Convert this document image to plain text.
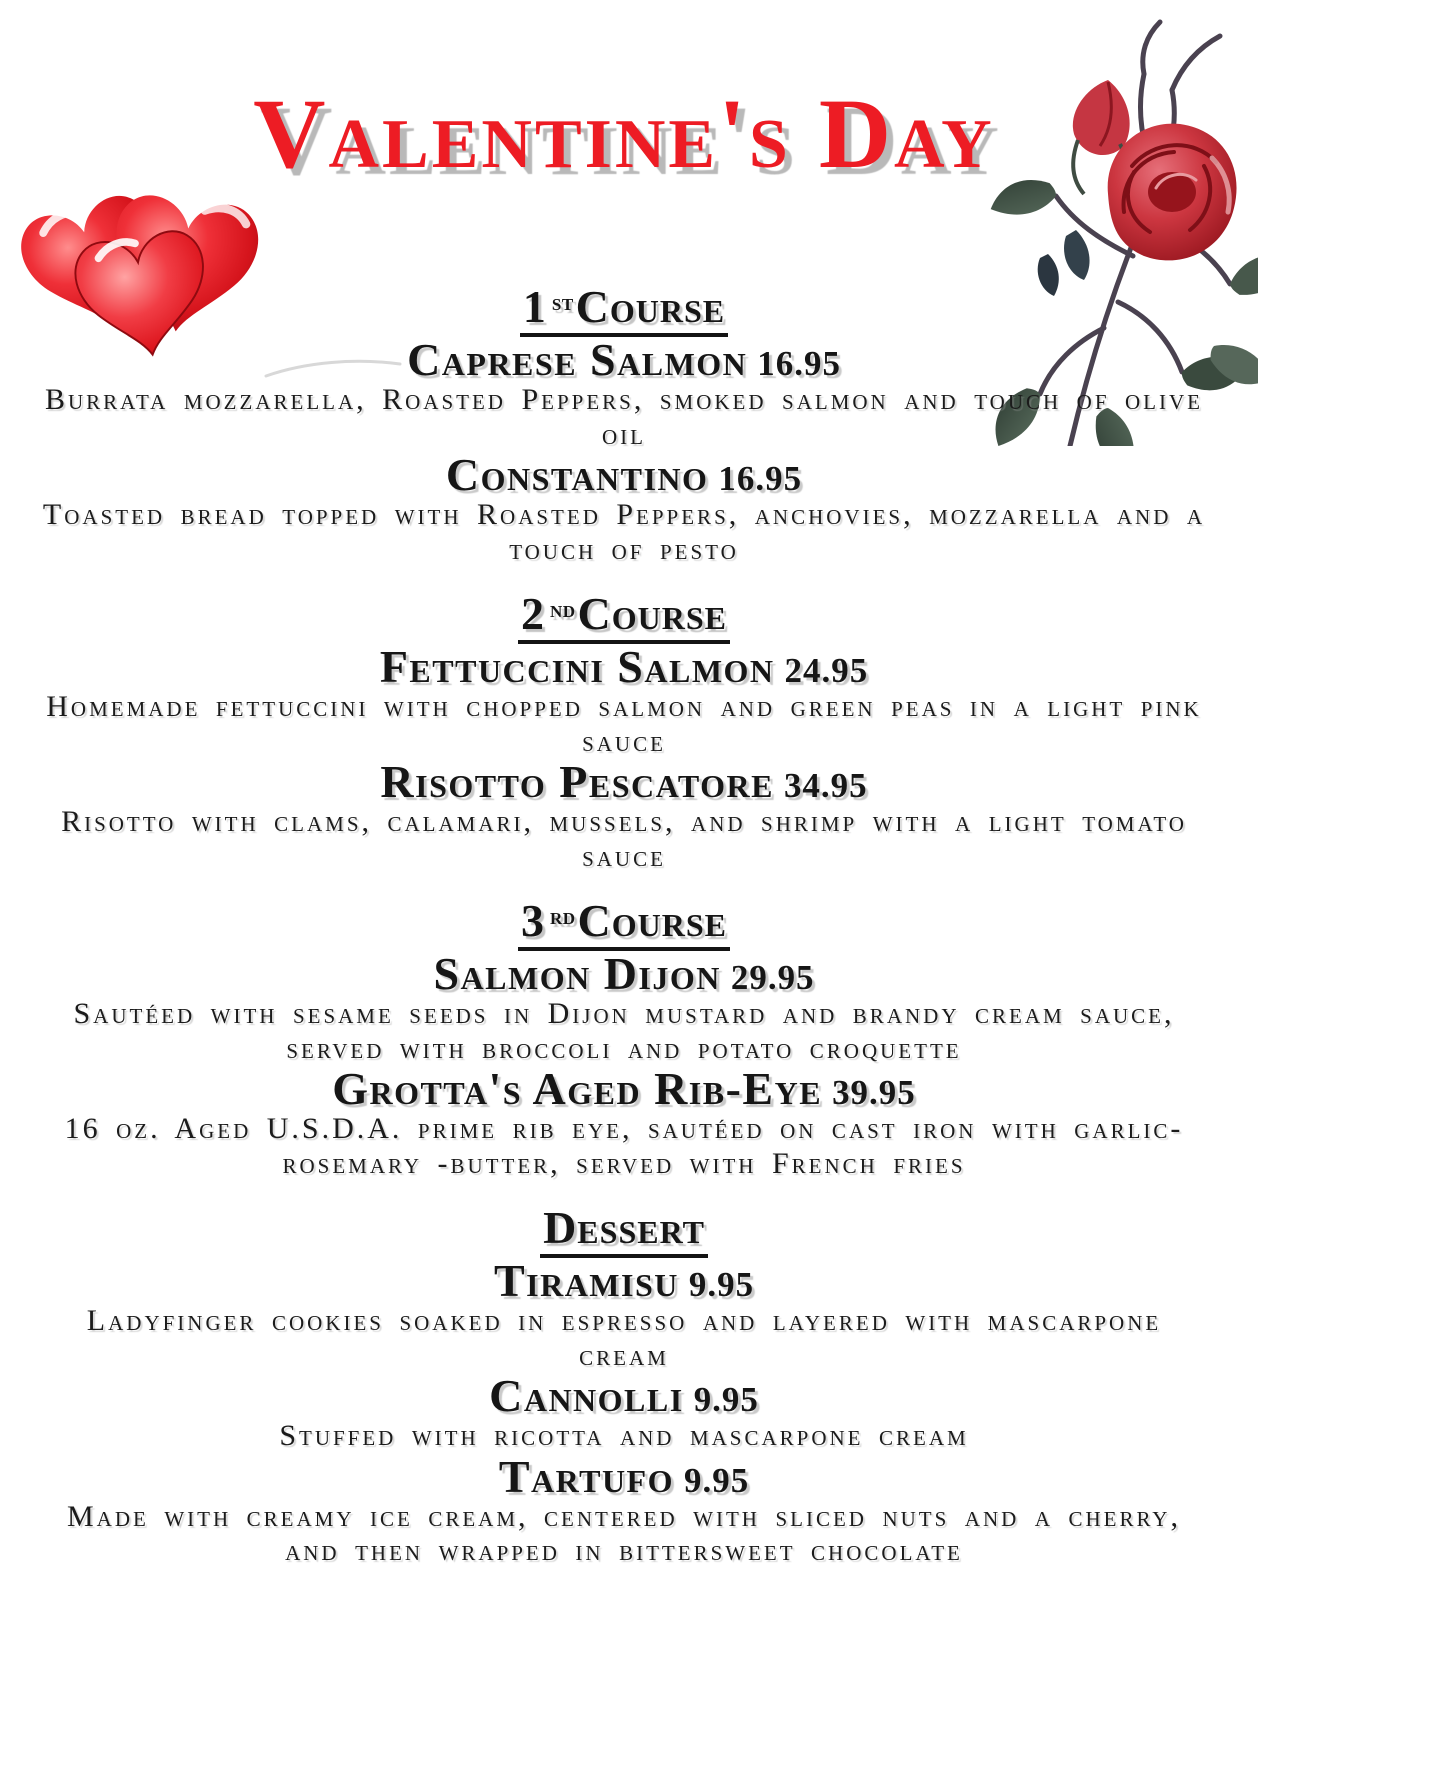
Valentine's Day
1 $^{st}$Course
Caprese Salmon 16.95

Burrata mozzarella, Roasted Peppers, smoked salmon and touch of olive oil

Constantino 16.95

Toasted bread topped with Roasted Peppers, anchovies, mozzarella and a touch of pesto

2 $^{nd}$Course
Fettuccini Salmon 24.95

Homemade fettuccini with chopped salmon and green peas in a light pink sauce

Risotto Pescatore 34.95

Risotto with clams, calamari, mussels, and shrimp with a light tomato sauce

3 $^{rd}$Course
Salmon Dijon 29.95

Sautéed with sesame seeds in Dijon mustard and brandy cream sauce, served with broccoli and potato croquette

Grotta's Aged Rib-Eye 39.95

16 oz. Aged U.S.D.A. prime rib eye, sautéed on cast iron with garlic-rosemary -butter, served with French fries

Dessert
Tiramisu 9.95

Ladyfinger cookies soaked in espresso and layered with mascarpone cream

Cannolli 9.95

Stuffed with ricotta and mascarpone cream

Tartufo 9.95

Made with creamy ice cream, centered with sliced nuts and a cherry, and then wrapped in bittersweet chocolate
